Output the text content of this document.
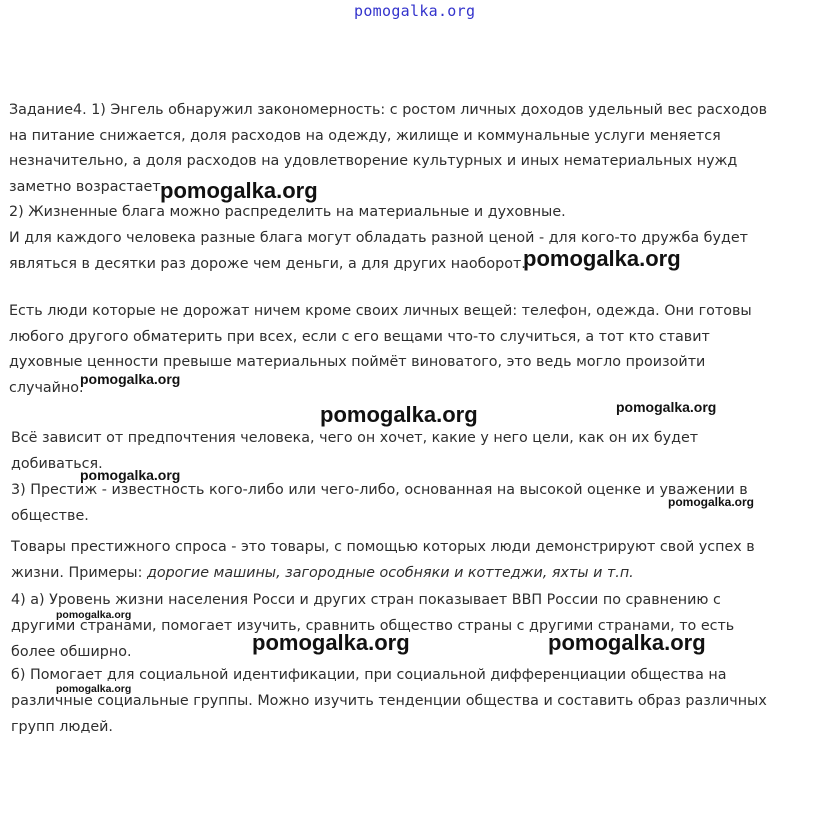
pomogalka.org

Задание4. 1) Энгель обнаружил закономерность: с ростом личных доходов удельный вес расходов
на питание снижается, доля расходов на одежду, жилище и коммунальные услуги меняется
незначительно, а доля расходов на удовлетворение культурных и иных нематериальных нужд
заметно возрастает.
2) Жизненные блага можно распределить на материальные и духовные.
И для каждого человека разные блага могут обладать разной ценой - для кого-то дружба будет
являться в десятки раз дороже чем деньги, а для других наоборот.

Есть люди которые не дорожат ничем кроме своих личных вещей: телефон, одежда. Они готовы
любого другого обматерить при всех, если с его вещами что-то случиться, а тот кто ставит
духовные ценности превыше материальных поймёт виноватого, это ведь могло произойти
случайно.

Всё зависит от предпочтения человека, чего он хочет, какие у него цели, как он их будет
добиваться.
3) Престиж - известность кого-либо или чего-либо, основанная на высокой оценке и уважении в
обществе.

Товары престижного спроса - это товары, с помощью которых люди демонстрируют свой успех в
жизни. Примеры: дорогие машины, загородные особняки и коттеджи, яхты и т.п.

4) а) Уровень жизни населения Росси и других стран показывает ВВП России по сравнению с
другими странами, помогает изучить, сравнить общество страны с другими странами, то есть
более обширно.

б) Помогает для социальной идентификации, при социальной дифференциации общества на
различные социальные группы. Можно изучить тенденции общества и составить образ различных
групп людей.

pomogalka.org
pomogalka.org
pomogalka.org
pomogalka.org	pomogalka.org
pomogalka.org
pomogalka.org
pomogalka.org
pomogalka.org	pomogalka.org
pomogalka.org
